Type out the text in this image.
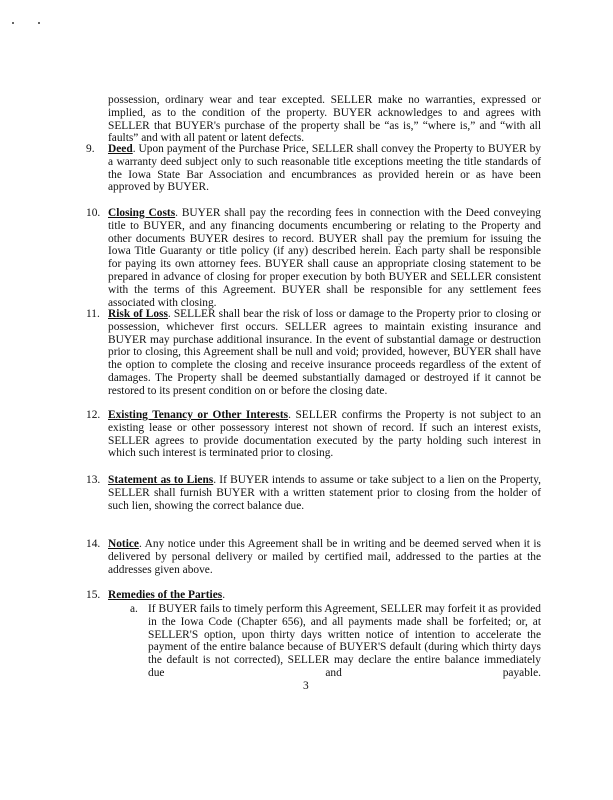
possession, ordinary wear and tear excepted. SELLER make no warranties, expressed or implied, as to the condition of the property. BUYER acknowledges to and agrees with SELLER that BUYER's purchase of the property shall be “as is,” “where is,” and “with all faults” and with all patent or latent defects.
9. Deed. Upon payment of the Purchase Price, SELLER shall convey the Property to BUYER by a warranty deed subject only to such reasonable title exceptions meeting the title standards of the Iowa State Bar Association and encumbrances as provided herein or as have been approved by BUYER.
10. Closing Costs. BUYER shall pay the recording fees in connection with the Deed conveying title to BUYER, and any financing documents encumbering or relating to the Property and other documents BUYER desires to record. BUYER shall pay the premium for issuing the Iowa Title Guaranty or title policy (if any) described herein. Each party shall be responsible for paying its own attorney fees. BUYER shall cause an appropriate closing statement to be prepared in advance of closing for proper execution by both BUYER and SELLER consistent with the terms of this Agreement. BUYER shall be responsible for any settlement fees associated with closing.
11. Risk of Loss. SELLER shall bear the risk of loss or damage to the Property prior to closing or possession, whichever first occurs. SELLER agrees to maintain existing insurance and BUYER may purchase additional insurance. In the event of substantial damage or destruction prior to closing, this Agreement shall be null and void; provided, however, BUYER shall have the option to complete the closing and receive insurance proceeds regardless of the extent of damages. The Property shall be deemed substantially damaged or destroyed if it cannot be restored to its present condition on or before the closing date.
12. Existing Tenancy or Other Interests. SELLER confirms the Property is not subject to an existing lease or other possessory interest not shown of record. If such an interest exists, SELLER agrees to provide documentation executed by the party holding such interest in which such interest is terminated prior to closing.
13. Statement as to Liens. If BUYER intends to assume or take subject to a lien on the Property, SELLER shall furnish BUYER with a written statement prior to closing from the holder of such lien, showing the correct balance due.
14. Notice. Any notice under this Agreement shall be in writing and be deemed served when it is delivered by personal delivery or mailed by certified mail, addressed to the parties at the addresses given above.
15. Remedies of the Parties.
a. If BUYER fails to timely perform this Agreement, SELLER may forfeit it as provided in the Iowa Code (Chapter 656), and all payments made shall be forfeited; or, at SELLER'S option, upon thirty days written notice of intention to accelerate the payment of the entire balance because of BUYER'S default (during which thirty days the default is not corrected), SELLER may declare the entire balance immediately due and payable.
3
